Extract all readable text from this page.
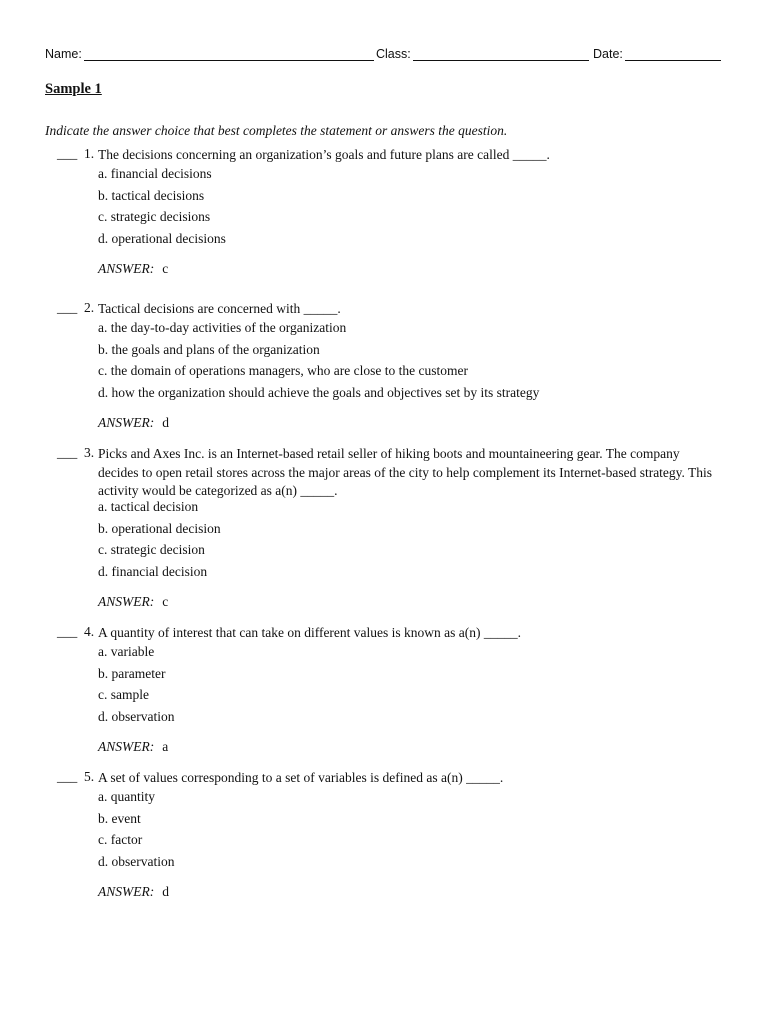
Name:	Class:	Date:
Sample 1
Indicate the answer choice that best completes the statement or answers the question.
___ 1. The decisions concerning an organization’s goals and future plans are called _____.
a. financial decisions
b. tactical decisions
c. strategic decisions
d. operational decisions
ANSWER: c
___ 2. Tactical decisions are concerned with _____.
a. the day-to-day activities of the organization
b. the goals and plans of the organization
c. the domain of operations managers, who are close to the customer
d. how the organization should achieve the goals and objectives set by its strategy
ANSWER: d
___ 3. Picks and Axes Inc. is an Internet-based retail seller of hiking boots and mountaineering gear. The company decides to open retail stores across the major areas of the city to help complement its Internet-based strategy. This activity would be categorized as a(n) _____.
a. tactical decision
b. operational decision
c. strategic decision
d. financial decision
ANSWER: c
___ 4. A quantity of interest that can take on different values is known as a(n) _____.
a. variable
b. parameter
c. sample
d. observation
ANSWER: a
___ 5. A set of values corresponding to a set of variables is defined as a(n) _____.
a. quantity
b. event
c. factor
d. observation
ANSWER: d
